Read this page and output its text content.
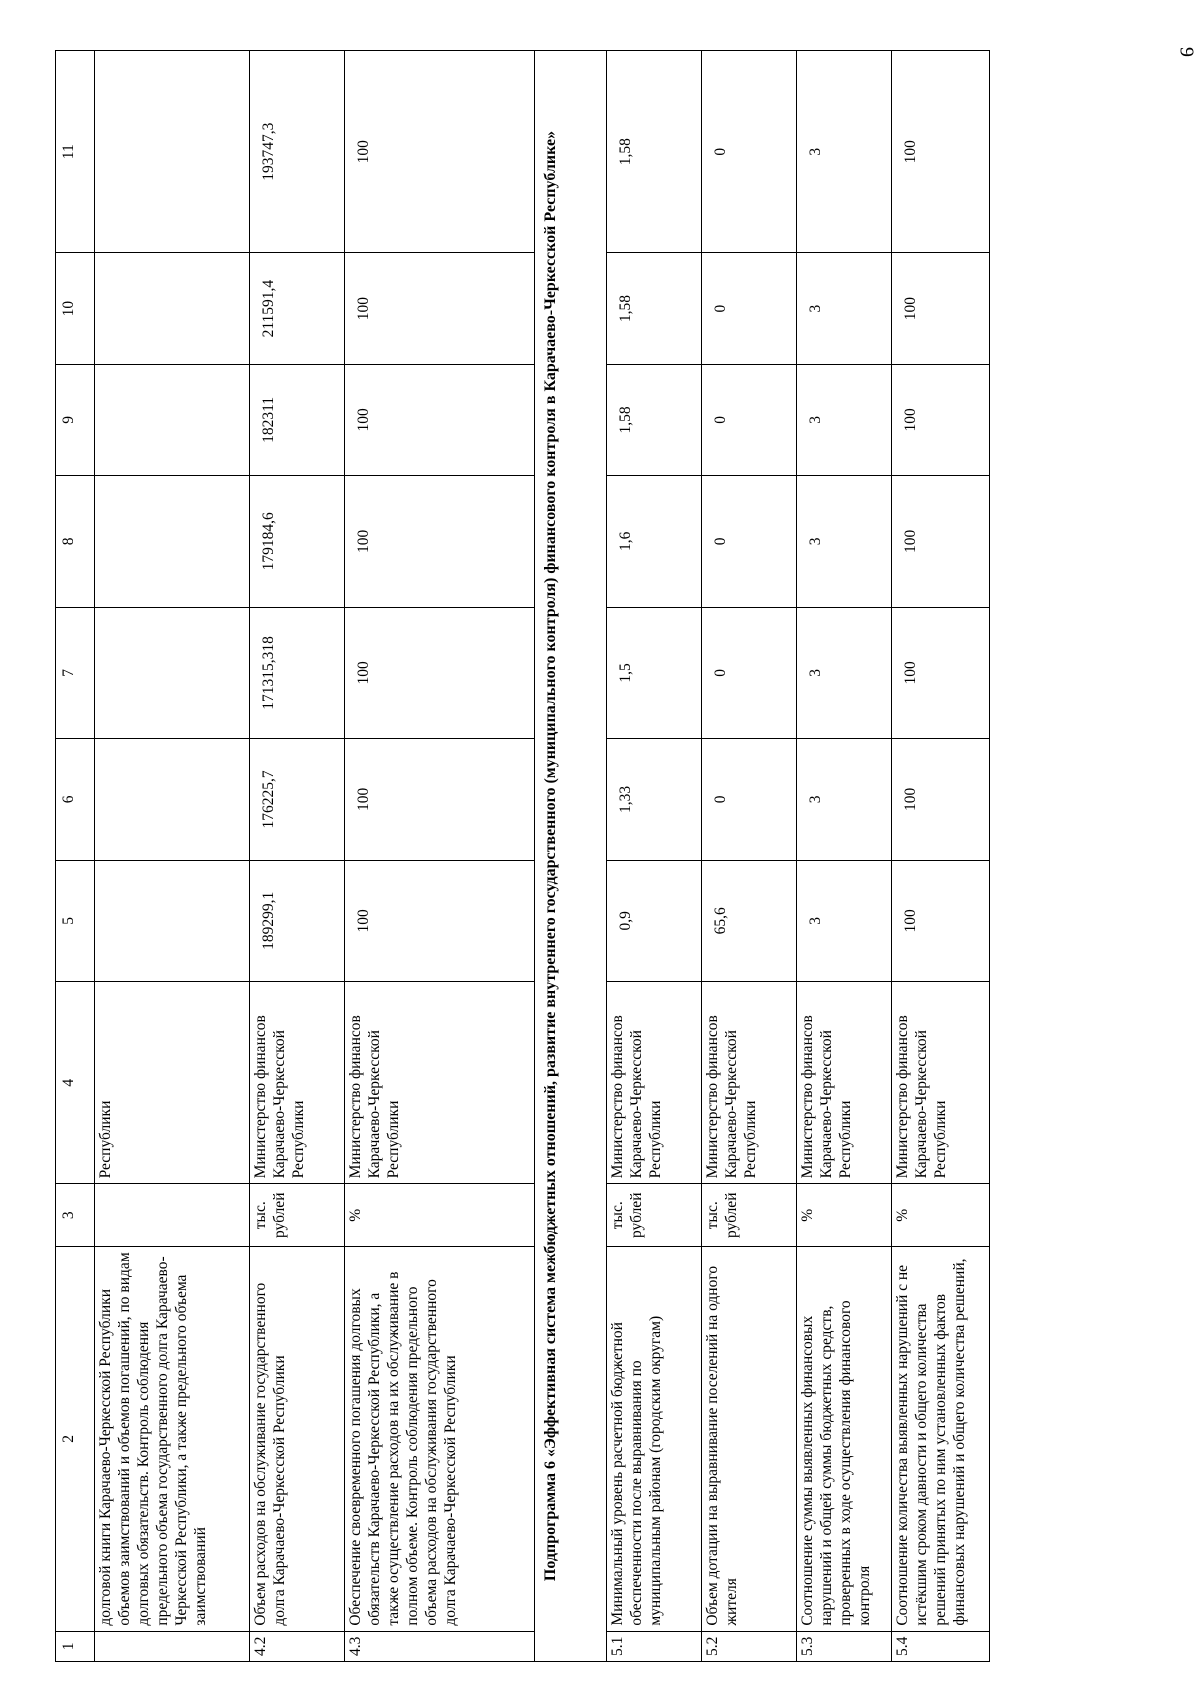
9
1	2	3	4	5	6	7	8	9	10	11
	долговой книги Карачаево-Черкесской Республики объемов заимствований и объемов погашений, по видам долговых обязательств. Контроль соблюдения предельного объема государственного долга Карачаево-Черкесской Республики, а также предельного объема заимствований		Республики							
4.2	Объем расходов на обслуживание государственного долга Карачаево-Черкесской Республики	тыс. рублей	Министерство финансов Карачаево-Черкесской Республики	189299,1	176225,7	171315,318	179184,6	182311	211591,4	193747,3
4.3	Обеспечение своевременного погашения долговых обязательств Карачаево-Черкесской Республики, а также осуществление расходов на их обслуживание в полном объеме. Контроль соблюдения предельного объема расходов на обслуживания государственного долга Карачаево-Черкесской Республики	%	Министерство финансов Карачаево-Черкесской Республики	100	100	100	100	100	100	100
Подпрограмма 6 «Эффективная система межбюджетных отношений, развитие внутреннего государственного (муниципального контроля) финансового контроля в Карачаево-Черкесской Республике»										
5.1	Минимальный уровень расчетной бюджетной обеспеченности после выравнивания по муниципальным районам (городским округам)	тыс. рублей	Министерство финансов Карачаево-Черкесской Республики	0,9	1,33	1,5	1,6	1,58	1,58	1,58
5.2	Объем дотации на выравнивание поселений на одного жителя	тыс. рублей	Министерство финансов Карачаево-Черкесской Республики	65,6	0	0	0	0	0	0
5.3	Соотношение суммы выявленных финансовых нарушений и общей суммы бюджетных средств, проверенных в ходе осуществления финансового контроля	%	Министерство финансов Карачаево-Черкесской Республики	3	3	3	3	3	3	3
5.4	Соотношение количества выявленных нарушений с не истёкшим сроком давности и общего количества решений принятых по ним установленных фактов финансовых нарушений и общего количества решений,	%	Министерство финансов Карачаево-Черкесской Республики	100	100	100	100	100	100	100
